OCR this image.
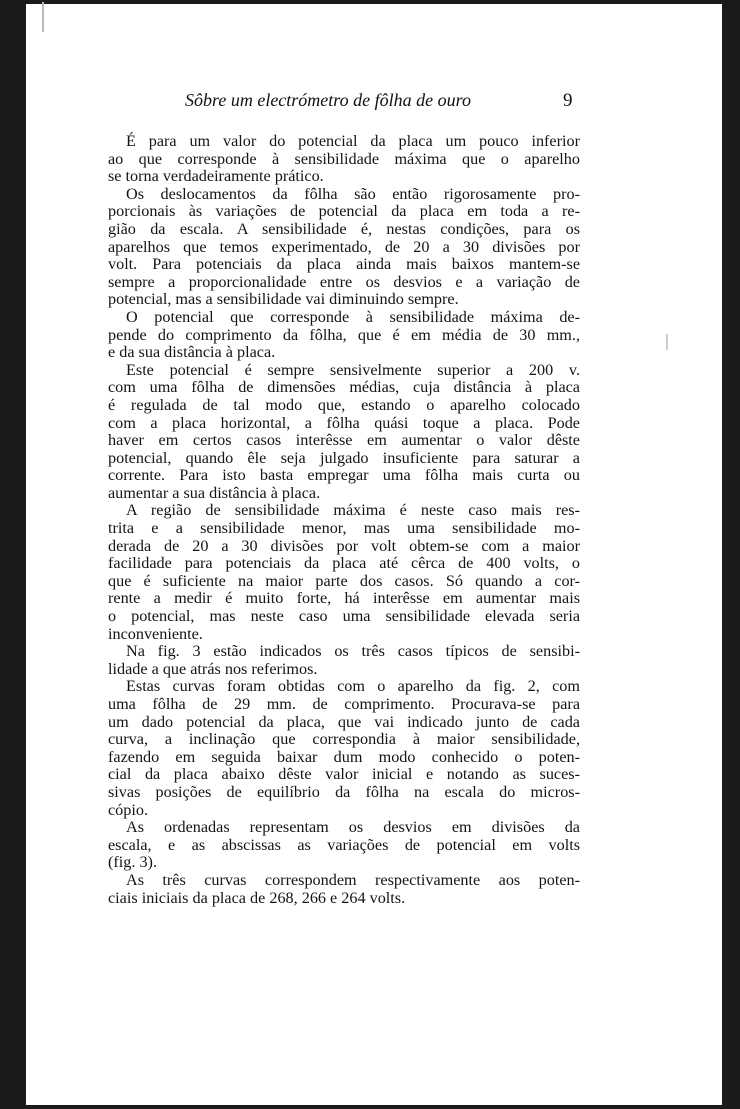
Sôbre um electrómetro de fôlha de ouro	9

É para um valor do potencial da placa um pouco inferior
ao que corresponde à sensibilidade máxima que o aparelho
se torna verdadeiramente prático.

Os deslocamentos da fôlha são então rigorosamente pro-
porcionais às variações de potencial da placa em toda a re-
gião da escala. A sensibilidade é, nestas condições, para os
aparelhos que temos experimentado, de 20 a 30 divisões por
volt. Para potenciais da placa ainda mais baixos mantem-se
sempre a proporcionalidade entre os desvios e a variação de
potencial, mas a sensibilidade vai diminuindo sempre.

O potencial que corresponde à sensibilidade máxima de-
pende do comprimento da fôlha, que é em média de 30 mm.,
e da sua distância à placa.

Este potencial é sempre sensivelmente superior a 200 v.
com uma fôlha de dimensões médias, cuja distância à placa
é regulada de tal modo que, estando o aparelho colocado
com a placa horizontal, a fôlha quási toque a placa. Pode
haver em certos casos interêsse em aumentar o valor dêste
potencial, quando êle seja julgado insuficiente para saturar a
corrente. Para isto basta empregar uma fôlha mais curta ou
aumentar a sua distância à placa.

A região de sensibilidade máxima é neste caso mais res-
trita e a sensibilidade menor, mas uma sensibilidade mo-
derada de 20 a 30 divisões por volt obtem-se com a maior
facilidade para potenciais da placa até cêrca de 400 volts, o
que é suficiente na maior parte dos casos. Só quando a cor-
rente a medir é muito forte, há interêsse em aumentar mais
o potencial, mas neste caso uma sensibilidade elevada seria
inconveniente.

Na fig. 3 estão indicados os três casos típicos de sensibi-
lidade a que atrás nos referimos.

Estas curvas foram obtidas com o aparelho da fig. 2, com
uma fôlha de 29 mm. de comprimento. Procurava-se para
um dado potencial da placa, que vai indicado junto de cada
curva, a inclinação que correspondia à maior sensibilidade,
fazendo em seguida baixar dum modo conhecido o poten-
cial da placa abaixo dêste valor inicial e notando as suces-
sivas posições de equilíbrio da fôlha na escala do micros-
cópio.

As ordenadas representam os desvios em divisões da
escala, e as abscissas as variações de potencial em volts
(fig. 3).

As três curvas correspondem respectivamente aos poten-
ciais iniciais da placa de 268, 266 e 264 volts.
